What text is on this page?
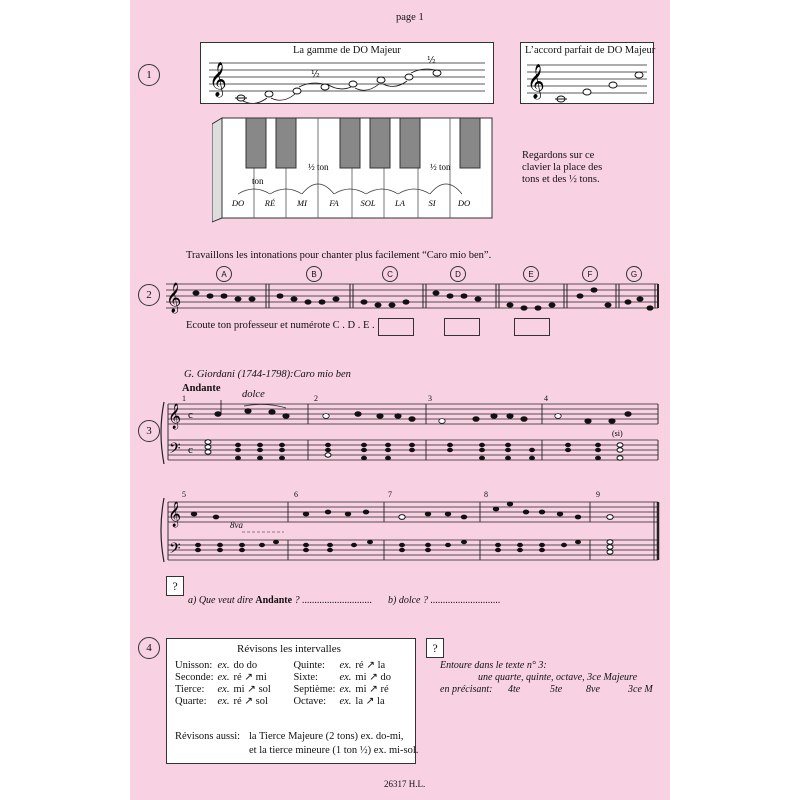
page 1
1
La gamme de DO Majeur
𝄞	½
½
L’accord parfait de DO Majeur
𝄞
ton
½ ton	½ ton
DO RÉ	MI	FA	SOL LA	SI	DO
Regardons sur ce clavier la place des tons et des ½ tons.
Travaillons les intonations pour chanter plus facilement “Caro mio ben”.
2
A	B	C	D	E	F	G
𝄞
Ecoute ton professeur et numérote C . D . E .
G. Giordani (1744-1798):Caro mio ben
Andante
dolce
3
1	2	3	4
𝄞
𝄢
c
c
(si)
5	6	7	8	9
8va
𝄞
𝄢
?
a) Que veut dire Andante ? ............................ b) dolce ? ............................
4	Révisons les intervalles
Unisson:	ex.	do do	Quinte:	ex.	ré ↗ la
Seconde:	ex.	ré ↗ mi	Sixte:	ex.	mi ↗ do
Tierce:	ex.	mi ↗ sol	Septième:	ex.	mi ↗ ré
Quarte:	ex.	ré ↗ sol	Octave:	ex.	la ↗ la
Révisons aussi: la Tierce Majeure (2 tons) ex. do-mi,
et la tierce mineure (1 ton ½) ex. mi-sol.
?
Entoure dans le texte n° 3:
une quarte, quinte, octave, 3ce Majeure
en précisant: 4te	5te 8ve	3ce M
26317 H.L.
